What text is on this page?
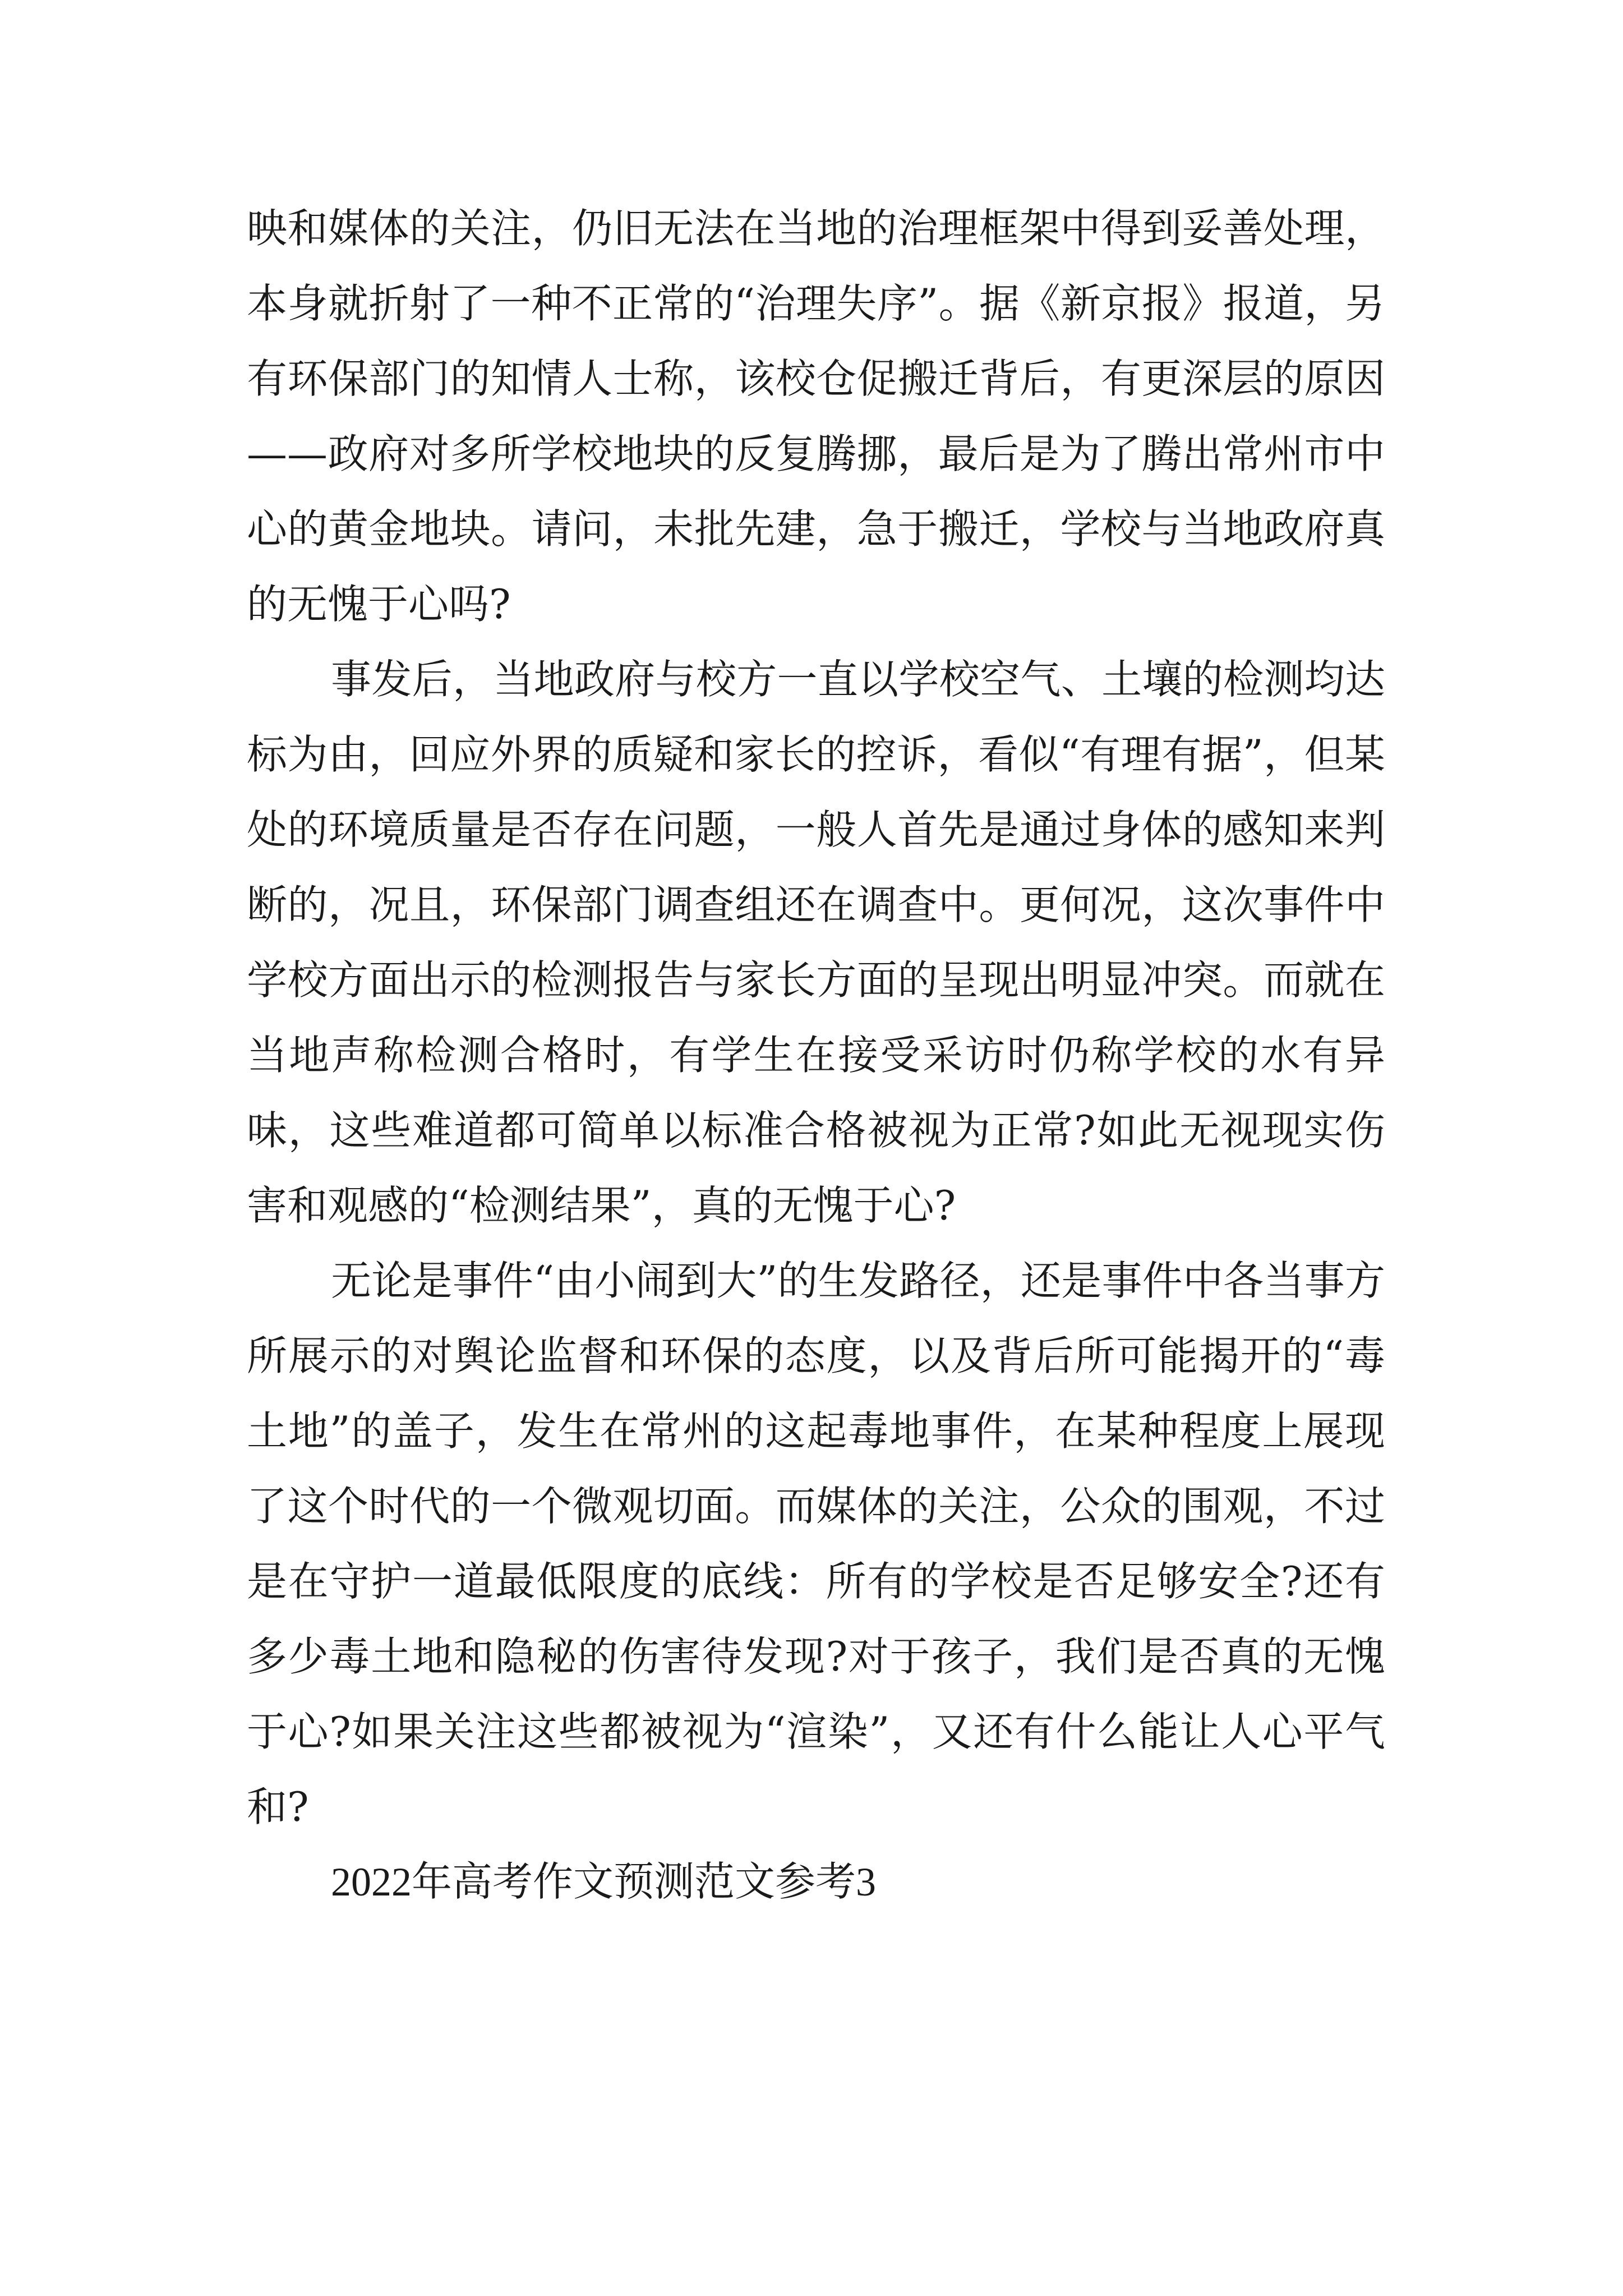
映和媒体的关注，仍旧无法在当地的治理框架中得到妥善处理，本身就折射了一种不正常的“治理失序”。据《新京报》报道，另有环保部门的知情人士称，该校仓促搬迁背后，有更深层的原因——政府对多所学校地块的反复腾挪，最后是为了腾出常州市中心的黄金地块。请问，未批先建，急于搬迁，学校与当地政府真的无愧于心吗?

事发后，当地政府与校方一直以学校空气、土壤的检测均达标为由，回应外界的质疑和家长的控诉，看似“有理有据”，但某处的环境质量是否存在问题，一般人首先是通过身体的感知来判断的，况且，环保部门调查组还在调查中。更何况，这次事件中学校方面出示的检测报告与家长方面的呈现出明显冲突。而就在当地声称检测合格时，有学生在接受采访时仍称学校的水有异味，这些难道都可简单以标准合格被视为正常?如此无视现实伤害和观感的“检测结果”，真的无愧于心?

无论是事件“由小闹到大”的生发路径，还是事件中各当事方所展示的对舆论监督和环保的态度，以及背后所可能揭开的“毒土地”的盖子，发生在常州的这起毒地事件，在某种程度上展现了这个时代的一个微观切面。而媒体的关注，公众的围观，不过是在守护一道最低限度的底线：所有的学校是否足够安全?还有多少毒土地和隐秘的伤害待发现?对于孩子，我们是否真的无愧于心?如果关注这些都被视为“渲染”，又还有什么能让人心平气和?

2022年高考作文预测范文参考3
